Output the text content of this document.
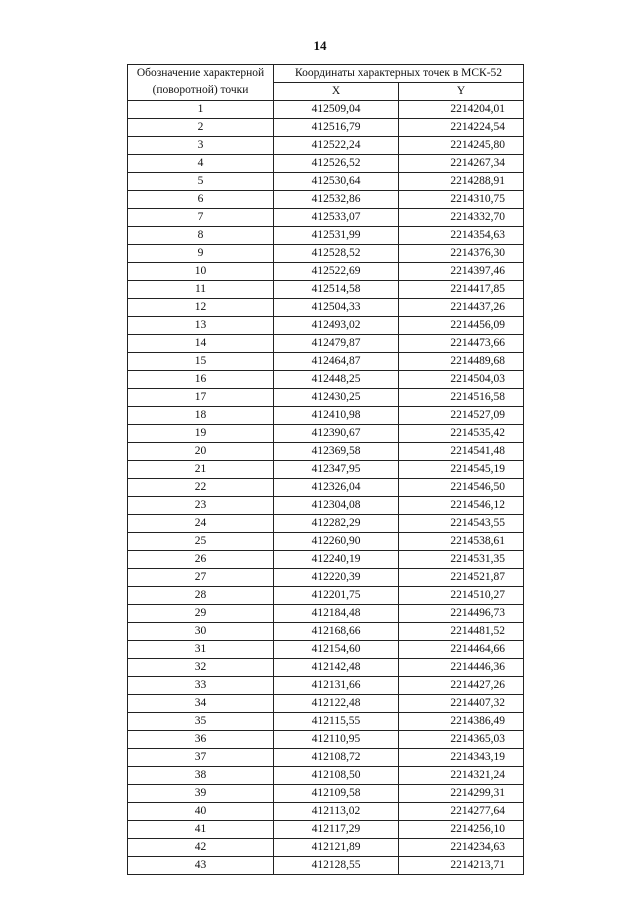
14
Обозначение характерной (поворотной) точки	Координаты характерных точек в МСК-52	
	X	Y
1	412509,04	2214204,01
2	412516,79	2214224,54
3	412522,24	2214245,80
4	412526,52	2214267,34
5	412530,64	2214288,91
6	412532,86	2214310,75
7	412533,07	2214332,70
8	412531,99	2214354,63
9	412528,52	2214376,30
10	412522,69	2214397,46
11	412514,58	2214417,85
12	412504,33	2214437,26
13	412493,02	2214456,09
14	412479,87	2214473,66
15	412464,87	2214489,68
16	412448,25	2214504,03
17	412430,25	2214516,58
18	412410,98	2214527,09
19	412390,67	2214535,42
20	412369,58	2214541,48
21	412347,95	2214545,19
22	412326,04	2214546,50
23	412304,08	2214546,12
24	412282,29	2214543,55
25	412260,90	2214538,61
26	412240,19	2214531,35
27	412220,39	2214521,87
28	412201,75	2214510,27
29	412184,48	2214496,73
30	412168,66	2214481,52
31	412154,60	2214464,66
32	412142,48	2214446,36
33	412131,66	2214427,26
34	412122,48	2214407,32
35	412115,55	2214386,49
36	412110,95	2214365,03
37	412108,72	2214343,19
38	412108,50	2214321,24
39	412109,58	2214299,31
40	412113,02	2214277,64
41	412117,29	2214256,10
42	412121,89	2214234,63
43	412128,55	2214213,71
